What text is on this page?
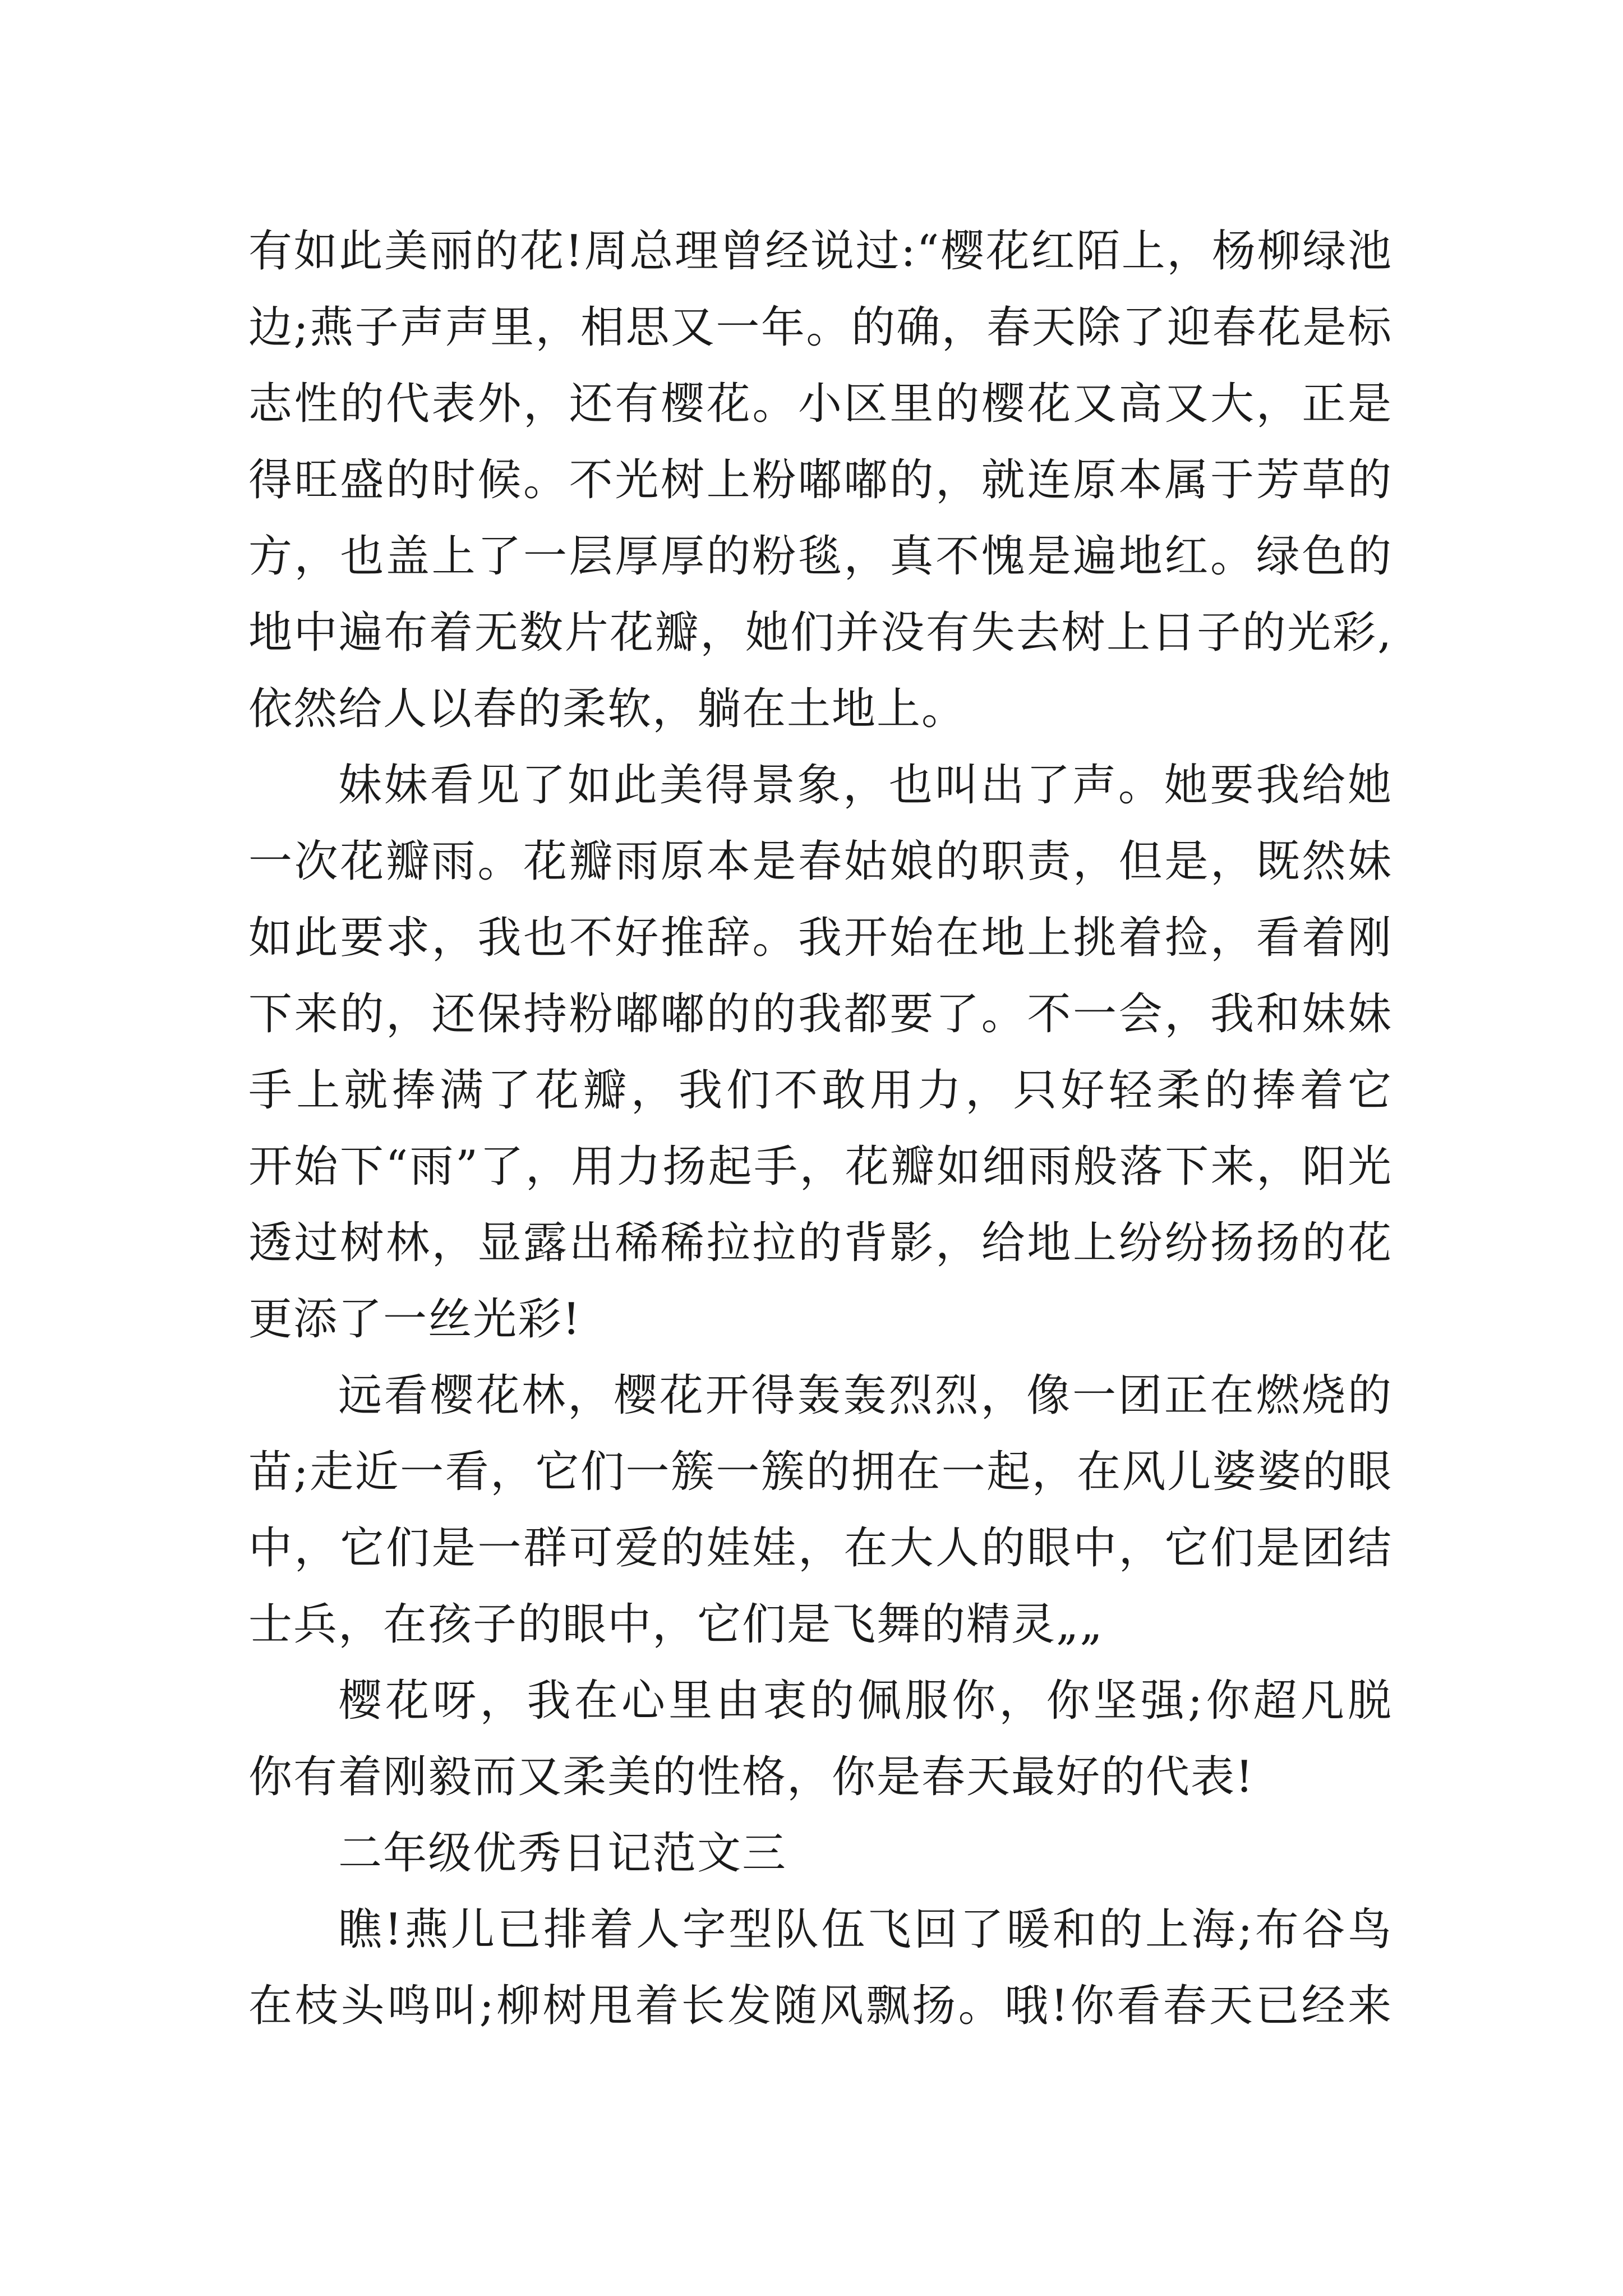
有如此美丽的花!周总理曾经说过:“樱花红陌上，杨柳绿池
边;燕子声声里，相思又一年。的确，春天除了迎春花是标
志性的代表外，还有樱花。小区里的樱花又高又大，正是
得旺盛的时候。不光树上粉嘟嘟的，就连原本属于芳草的
方，也盖上了一层厚厚的粉毯，真不愧是遍地红。绿色的
地中遍布着无数片花瓣，她们并没有失去树上日子的光彩,
依然给人以春的柔软，躺在土地上。
妹妹看见了如此美得景象，也叫出了声。她要我给她
一次花瓣雨。花瓣雨原本是春姑娘的职责，但是，既然妹
如此要求，我也不好推辞。我开始在地上挑着捡，看着刚
下来的，还保持粉嘟嘟的的我都要了。不一会，我和妹妹
手上就捧满了花瓣，我们不敢用力，只好轻柔的捧着它
开始下“雨”了，用力扬起手，花瓣如细雨般落下来，阳光
透过树林，显露出稀稀拉拉的背影，给地上纷纷扬扬的花
更添了一丝光彩!
远看樱花林，樱花开得轰轰烈烈，像一团正在燃烧的
苗;走近一看，它们一簇一簇的拥在一起，在风儿婆婆的眼
中，它们是一群可爱的娃娃，在大人的眼中，它们是团结
士兵，在孩子的眼中，它们是飞舞的精灵„„
樱花呀，我在心里由衷的佩服你，你坚强;你超凡脱
你有着刚毅而又柔美的性格，你是春天最好的代表!
二年级优秀日记范文三
瞧!燕儿已排着人字型队伍飞回了暖和的上海;布谷鸟
在枝头鸣叫;柳树甩着长发随风飘扬。哦!你看春天已经来
